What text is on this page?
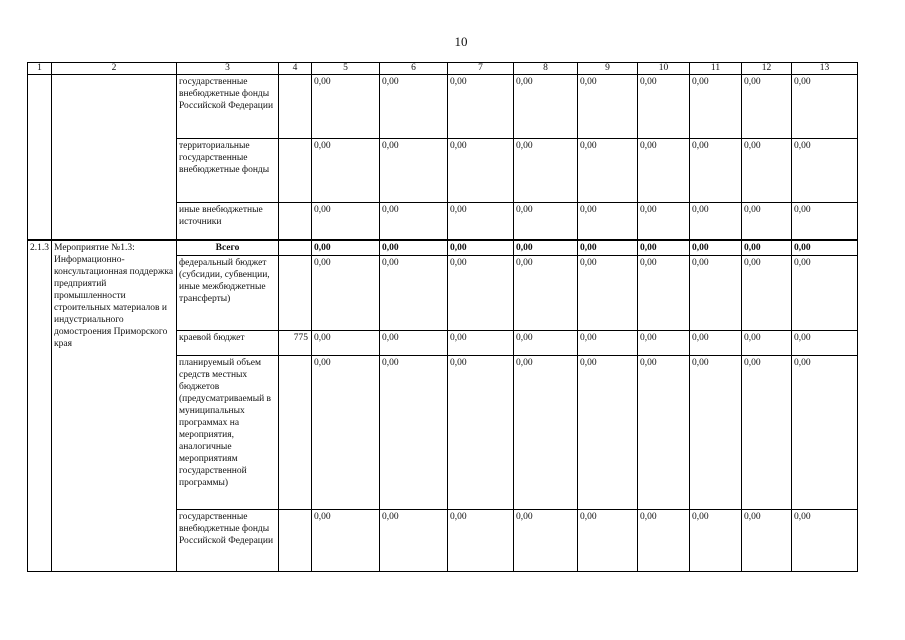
10
1	2	3	4	5	6	7	8	9	10	11	12	13
		государственные внебюджетные фонды Российской Федерации		0,00	0,00	0,00	0,00	0,00	0,00	0,00	0,00	0,00
		территориальные государственные внебюджетные фонды		0,00	0,00	0,00	0,00	0,00	0,00	0,00	0,00	0,00
		иные внебюджетные источники		0,00	0,00	0,00	0,00	0,00	0,00	0,00	0,00	0,00
2.1.3	Мероприятие №1.3: Информационно-консультационная поддержка предприятий промышленности строительных материалов и индустриального домостроения Приморского края	Всего		0,00	0,00	0,00	0,00	0,00	0,00	0,00	0,00	0,00
		федеральный бюджет (субсидии, субвенции, иные межбюджетные трансферты)		0,00	0,00	0,00	0,00	0,00	0,00	0,00	0,00	0,00
		краевой бюджет	775	0,00	0,00	0,00	0,00	0,00	0,00	0,00	0,00	0,00
		планируемый объем средств местных бюджетов (предусматриваемый в муниципальных программах на мероприятия, аналогичные мероприятиям государственной программы)		0,00	0,00	0,00	0,00	0,00	0,00	0,00	0,00	0,00
		государственные внебюджетные фонды Российской Федерации		0,00	0,00	0,00	0,00	0,00	0,00	0,00	0,00	0,00
